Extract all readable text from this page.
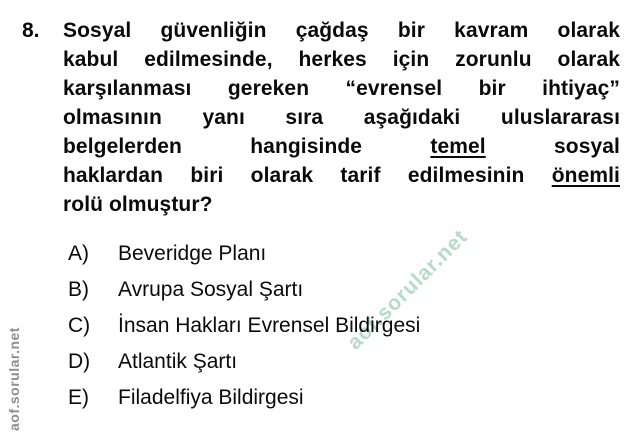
aof.sorular.net
aof.sorular.net
8.	Sosyal güvenliğin çağdaş bir kavram olarak
kabul edilmesinde, herkes için zorunlu olarak
karşılanması gereken “evrensel bir ihtiyaç”
olmasının yanı sıra aşağıdaki uluslararası
belgelerden hangisinde temel sosyal
haklardan biri olarak tarif edilmesinin önemli
rolü olmuştur?
A)	Beveridge Planı
B)	Avrupa Sosyal Şartı
C)	İnsan Hakları Evrensel Bildirgesi
D)	Atlantik Şartı
E)	Filadelfiya Bildirgesi
